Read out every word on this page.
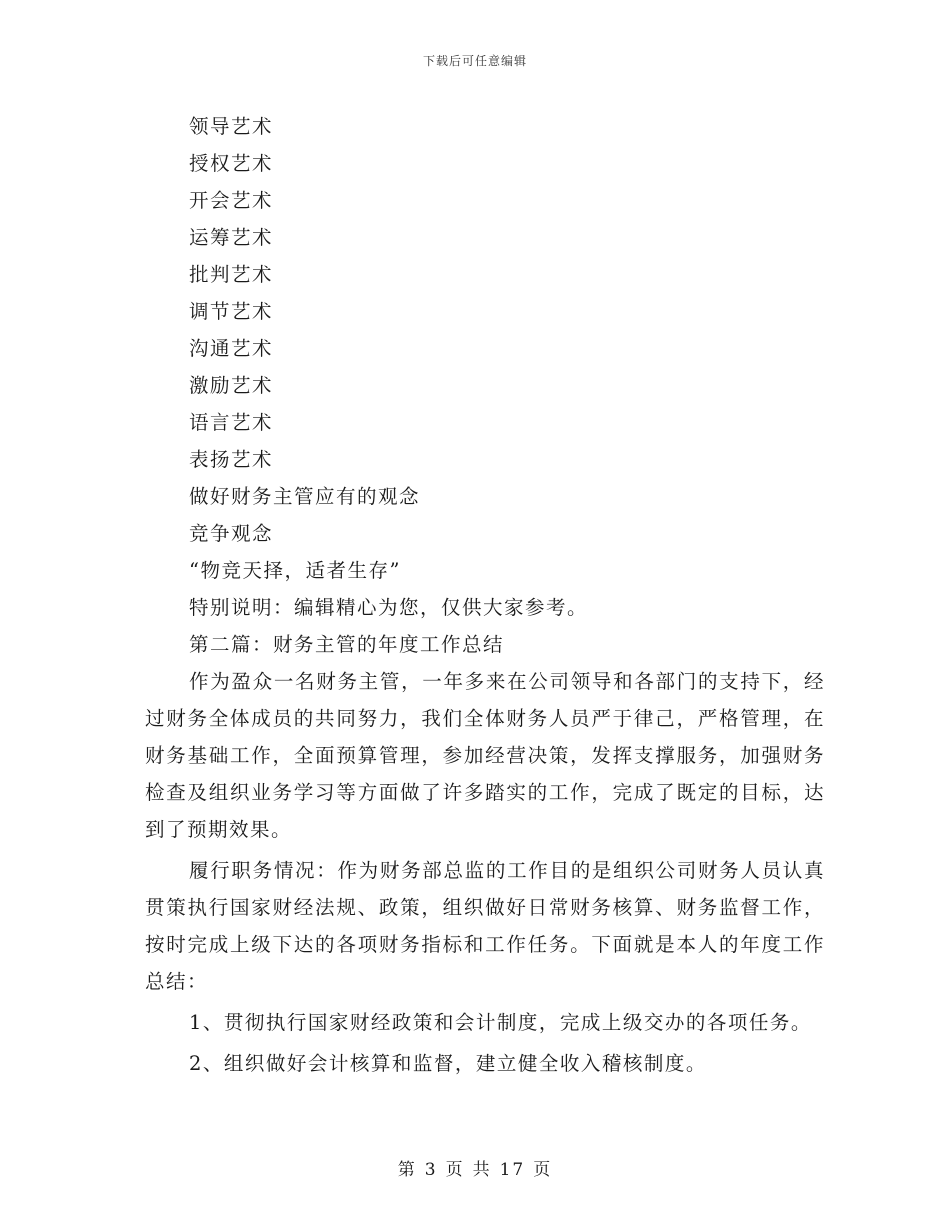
下载后可任意编辑
领导艺术
授权艺术
开会艺术
运筹艺术
批判艺术
调节艺术
沟通艺术
激励艺术
语言艺术
表扬艺术
做好财务主管应有的观念
竞争观念
“物竞天择，适者生存”
特别说明：编辑精心为您，仅供大家参考。
第二篇：财务主管的年度工作总结

作为盈众一名财务主管，一年多来在公司领导和各部门的支持下，经过财务全体成员的共同努力，我们全体财务人员严于律己，严格管理，在财务基础工作，全面预算管理，参加经营决策，发挥支撑服务，加强财务检查及组织业务学习等方面做了许多踏实的工作，完成了既定的目标，达到了预期效果。

履行职务情况：作为财务部总监的工作目的是组织公司财务人员认真贯策执行国家财经法规、政策，组织做好日常财务核算、财务监督工作，按时完成上级下达的各项财务指标和工作任务。下面就是本人的年度工作总结：

1、贯彻执行国家财经政策和会计制度，完成上级交办的各项任务。

2、组织做好会计核算和监督，建立健全收入稽核制度。

第 3 页 共 17 页
